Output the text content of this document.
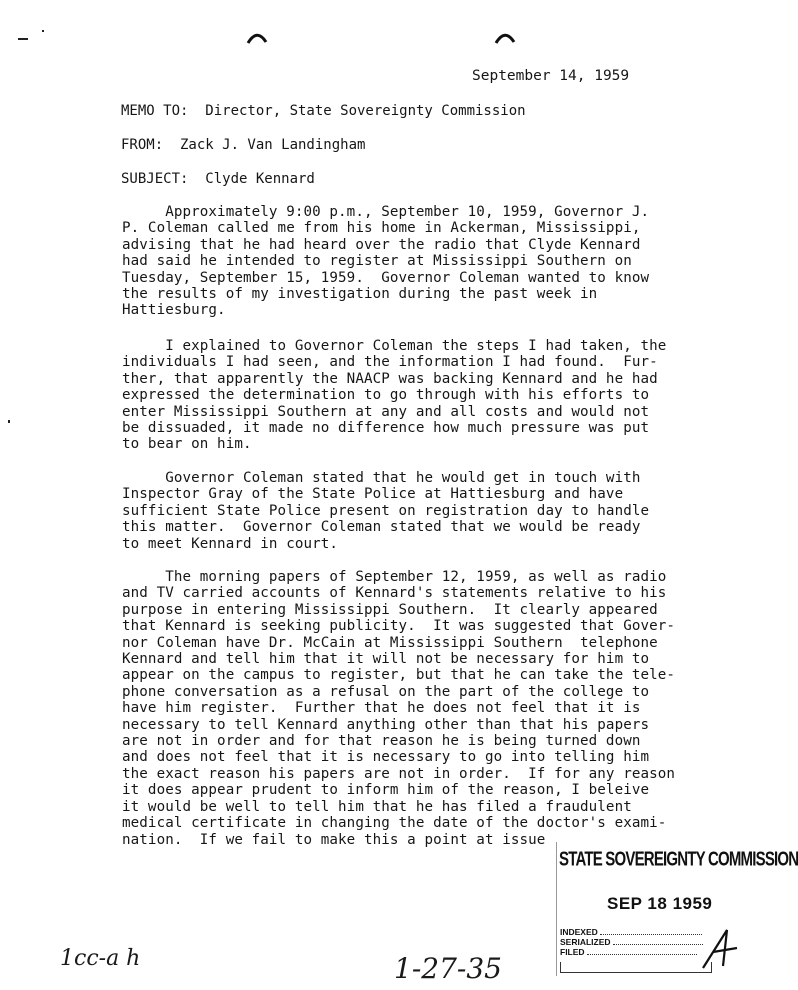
September 14, 1959
MEMO TO:  Director, State Sovereignty Commission
FROM:  Zack J. Van Landingham
SUBJECT:  Clyde Kennard
Approximately 9:00 p.m., September 10, 1959, Governor J.
P. Coleman called me from his home in Ackerman, Mississippi,
advising that he had heard over the radio that Clyde Kennard
had said he intended to register at Mississippi Southern on
Tuesday, September 15, 1959.  Governor Coleman wanted to know
the results of my investigation during the past week in
Hattiesburg.
I explained to Governor Coleman the steps I had taken, the
individuals I had seen, and the information I had found.  Fur-
ther, that apparently the NAACP was backing Kennard and he had
expressed the determination to go through with his efforts to
enter Mississippi Southern at any and all costs and would not
be dissuaded, it made no difference how much pressure was put
to bear on him.
Governor Coleman stated that he would get in touch with
Inspector Gray of the State Police at Hattiesburg and have
sufficient State Police present on registration day to handle
this matter.  Governor Coleman stated that we would be ready
to meet Kennard in court.
The morning papers of September 12, 1959, as well as radio
and TV carried accounts of Kennard's statements relative to his
purpose in entering Mississippi Southern.  It clearly appeared
that Kennard is seeking publicity.  It was suggested that Gover-
nor Coleman have Dr. McCain at Mississippi Southern  telephone
Kennard and tell him that it will not be necessary for him to
appear on the campus to register, but that he can take the tele-
phone conversation as a refusal on the part of the college to
have him register.  Further that he does not feel that it is
necessary to tell Kennard anything other than that his papers
are not in order and for that reason he is being turned down
and does not feel that it is necessary to go into telling him
the exact reason his papers are not in order.  If for any reason
it does appear prudent to inform him of the reason, I beleive
it would be well to tell him that he has filed a fraudulent
medical certificate in changing the date of the doctor's exami-
nation.  If we fail to make this a point at issue
STATE SOVEREIGNTY COMMISSION
SEP 18 1959
INDEXED
SERIALIZED
FILED
1cc-a h	1-27-35
